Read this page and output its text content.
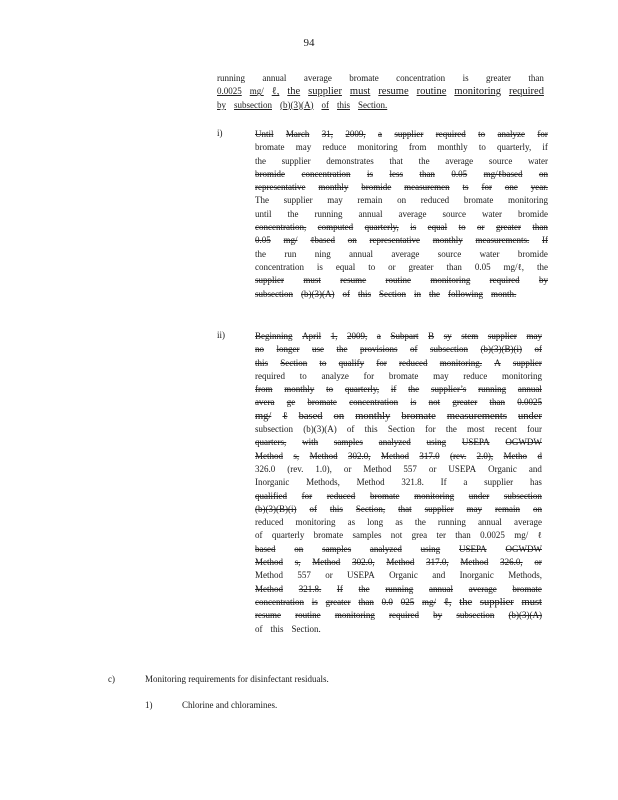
94
running annual average bromate concentration is greater than
0.0025 mg/ ℓ, the supplier must resume routine monitoring required
by subsection (b)(3)(A) of this Section.
i)	Until March 31, 2009, a supplier required to analyze for
bromate may reduce monitoring from monthly to quarterly, if
the supplier demonstrates that the average source water
bromide concentration is less than 0.05 mg/ℓbased on
representative monthly bromide measuremen ts for one year.
The supplier may remain on reduced bromate monitoring
until the running annual average source water bromide
concentration, computed quarterly, is equal to or greater than
0.05 mg/ ℓbased on representative monthly measurements. If
the run ning annual average source water bromide
concentration is equal to or greater than 0.05 mg/ℓ, the
supplier must resume routine monitoring required by
subsection (b)(3)(A) of this Section in the following month.
ii)	Beginning April 1, 2009, a Subpart B sy stem supplier may
no longer use the provisions of subsection (b)(3)(B)(i) of
this Section to qualify for reduced monitoring. A supplier
required to analyze for bromate may reduce monitoring
from monthly to quarterly, if the supplier’s running annual
avera ge bromate concentration is not greater than 0.0025
mg/ ℓ based on monthly bromate measurements under
subsection (b)(3)(A) of this Section for the most recent four
quarters, with samples analyzed using USEPA OGWDW
Method s, Method 302.0, Method 317.0 (rev. 2.0), Metho d
326.0 (rev. 1.0), or Method 557 or USEPA Organic and
Inorganic Methods, Method 321.8. If a supplier has
qualified for reduced bromate monitoring under subsection
(b)(3)(B)(i) of this Section, that supplier may remain on
reduced monitoring as long as the running annual average
of quarterly bromate samples not grea ter than 0.0025 mg/ ℓ
based on samples analyzed using USEPA OGWDW
Method s, Method 302.0, Method 317.0, Method 326.0, or
Method 557 or USEPA Organic and Inorganic Methods,
Method 321.8. If the running annual average bromate
concentration is greater than 0.0 025 mg/ ℓ, the supplier must
resume routine monitoring required by subsection (b)(3)(A)
of this Section.
c)	Monitoring requirements for disinfectant residuals.
1)	Chlorine and chloramines.
